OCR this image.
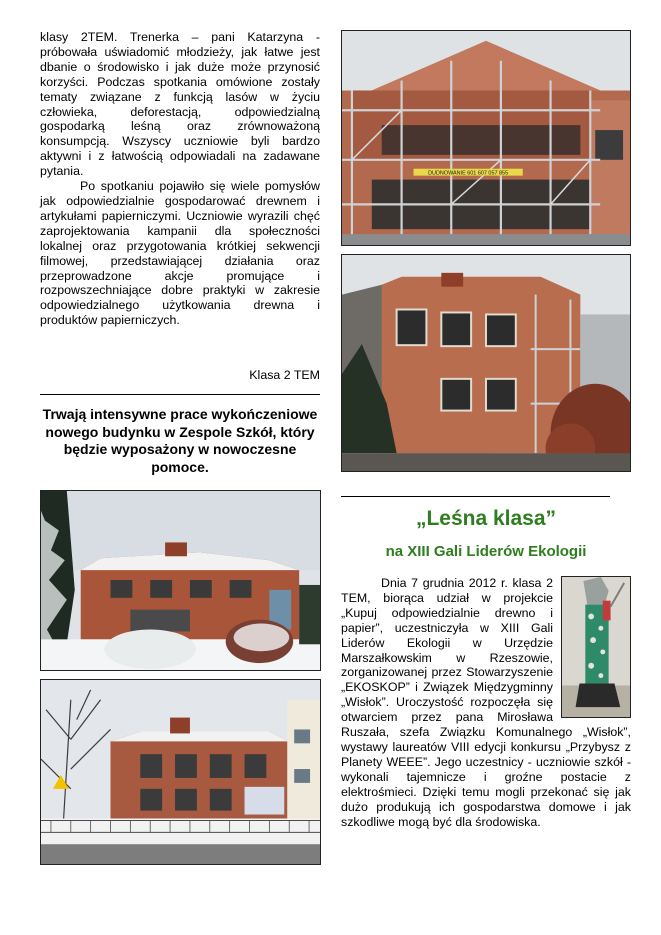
klasy 2TEM. Trenerka – pani Katarzyna - próbowała uświadomić młodzieży, jak łatwe jest dbanie o środowisko i jak duże może przynosić korzyści. Podczas spotkania omówione zostały tematy związane z funkcją lasów w życiu człowieka, deforestacją, odpowiedzialną gospodarką leśną oraz zrównoważoną konsumpcją. Wszyscy uczniowie byli bardzo aktywni i z łatwością odpowiadali na zadawane pytania.

Po spotkaniu pojawiło się wiele pomysłów jak odpowiedzialnie gospodarować drewnem i artykułami papierniczymi. Uczniowie wyrazili chęć zaprojektowania kampanii dla społeczności lokalnej oraz przygotowania krótkiej sekwencji filmowej, przedstawiającej działania oraz przeprowadzone akcje promujące i rozpowszechniające dobre praktyki w zakresie odpowiedzialnego użytkowania drewna i produktów papierniczych.

Klasa 2 TEM
Trwają intensywne prace wykończeniowe nowego budynku w Zespole Szkół, który będzie wyposażony w nowoczesne pomoce.
DUDNOWANIE 601 607 057 855
„Leśna klasa”
na XIII Gali Liderów Ekologii

Dnia 7 grudnia 2012 r. klasa 2 TEM, biorąca udział w projekcie „Kupuj odpowiedzialnie drewno i papier”, uczestniczyła w XIII Gali Liderów Ekologii w Urzędzie Marszałkowskim w Rzeszowie, zorganizowanej przez Stowarzyszenie „EKOSKOP” i Związek Międzygminny „Wisłok”. Uroczystość rozpoczęła się otwarciem przez pana Mirosława Ruszała, szefa Związku Komunalnego „Wisłok”, wystawy laureatów VIII edycji konkursu „Przybysz z Planety WEEE”. Jego uczestnicy - uczniowie szkół - wykonali tajemnicze i groźne postacie z elektrośmieci. Dzięki temu mogli przekonać się jak dużo produkują ich gospodarstwa domowe i jak szkodliwe mogą być dla środowiska.
